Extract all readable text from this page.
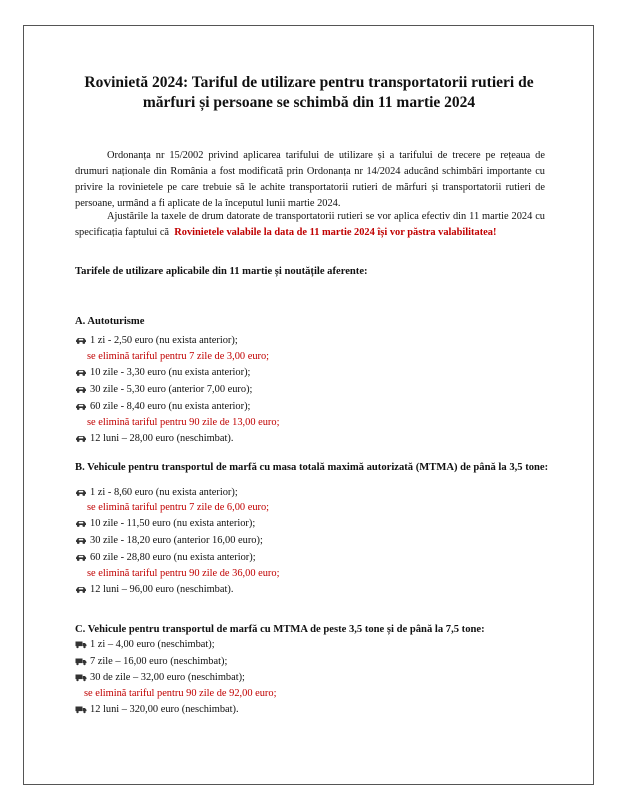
Rovinietă 2024: Tariful de utilizare pentru transportatorii rutieri de mărfuri și persoane se schimbă din 11 martie 2024
Ordonanța nr 15/2002 privind aplicarea tarifului de utilizare și a tarifului de trecere pe rețeaua de drumuri naționale din România a fost modificată prin Ordonanța nr 14/2024 aducând schimbări importante cu privire la rovinietele pe care trebuie să le achite transportatorii rutieri de mărfuri și transportatorii rutieri de persoane, urmând a fi aplicate de la începutul lunii martie 2024.
Ajustările la taxele de drum datorate de transportatorii rutieri se vor aplica efectiv din 11 martie 2024 cu specificația faptului că Rovinietele valabile la data de 11 martie 2024 își vor păstra valabilitatea!
Tarifele de utilizare aplicabile din 11 martie și noutățile aferente:
A. Autoturisme
1 zi - 2,50 euro (nu exista anterior);
se elimină tariful pentru 7 zile de 3,00 euro;
10 zile - 3,30 euro (nu exista anterior);
30 zile - 5,30 euro (anterior 7,00 euro);
60 zile - 8,40 euro (nu exista anterior);
se elimină tariful pentru 90 zile de 13,00 euro;
12 luni – 28,00 euro (neschimbat).
B. Vehicule pentru transportul de marfă cu masa totală maximă autorizată (MTMA) de până la 3,5 tone:
1 zi - 8,60 euro (nu exista anterior);
se elimină tariful pentru 7 zile de 6,00 euro;
10 zile - 11,50 euro (nu exista anterior);
30 zile - 18,20 euro (anterior 16,00 euro);
60 zile - 28,80 euro (nu exista anterior);
se elimină tariful pentru 90 zile de 36,00 euro;
12 luni – 96,00 euro (neschimbat).
C. Vehicule pentru transportul de marfă cu MTMA de peste 3,5 tone și de până la 7,5 tone:
1 zi – 4,00 euro (neschimbat);
7 zile – 16,00 euro (neschimbat);
30 de zile – 32,00 euro (neschimbat);
se elimină tariful pentru 90 zile de 92,00 euro;
12 luni – 320,00 euro (neschimbat).
